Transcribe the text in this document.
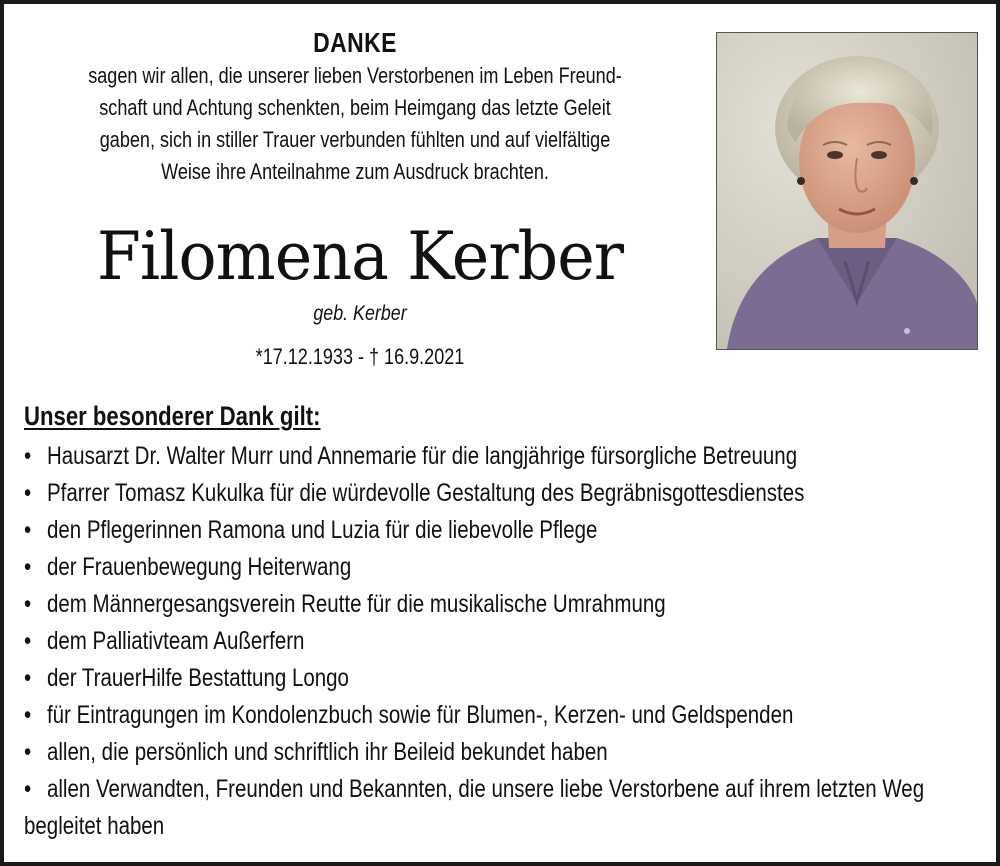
DANKE
sagen wir allen, die unserer lieben Verstorbenen im Leben Freund-
schaft und Achtung schenkten, beim Heimgang das letzte Geleit
gaben, sich in stiller Trauer verbunden fühlten und auf vielfältige
Weise ihre Anteilnahme zum Ausdruck brachten.
Filomena Kerber
geb. Kerber
*17.12.1933 - † 16.9.2021
Unser besonderer Dank gilt:
• Hausarzt Dr. Walter Murr und Annemarie für die langjährige fürsorgliche Betreuung
• Pfarrer Tomasz Kukulka für die würdevolle Gestaltung des Begräbnisgottesdienstes
• den Pflegerinnen Ramona und Luzia für die liebevolle Pflege
• der Frauenbewegung Heiterwang
• dem Männergesangsverein Reutte für die musikalische Umrahmung
• dem Palliativteam Außerfern
• der TrauerHilfe Bestattung Longo
• für Eintragungen im Kondolenzbuch sowie für Blumen-, Kerzen- und Geldspenden
• allen, die persönlich und schriftlich ihr Beileid bekundet haben
• allen Verwandten, Freunden und Bekannten, die unsere liebe Verstorbene auf ihrem letzten Weg begleitet haben
